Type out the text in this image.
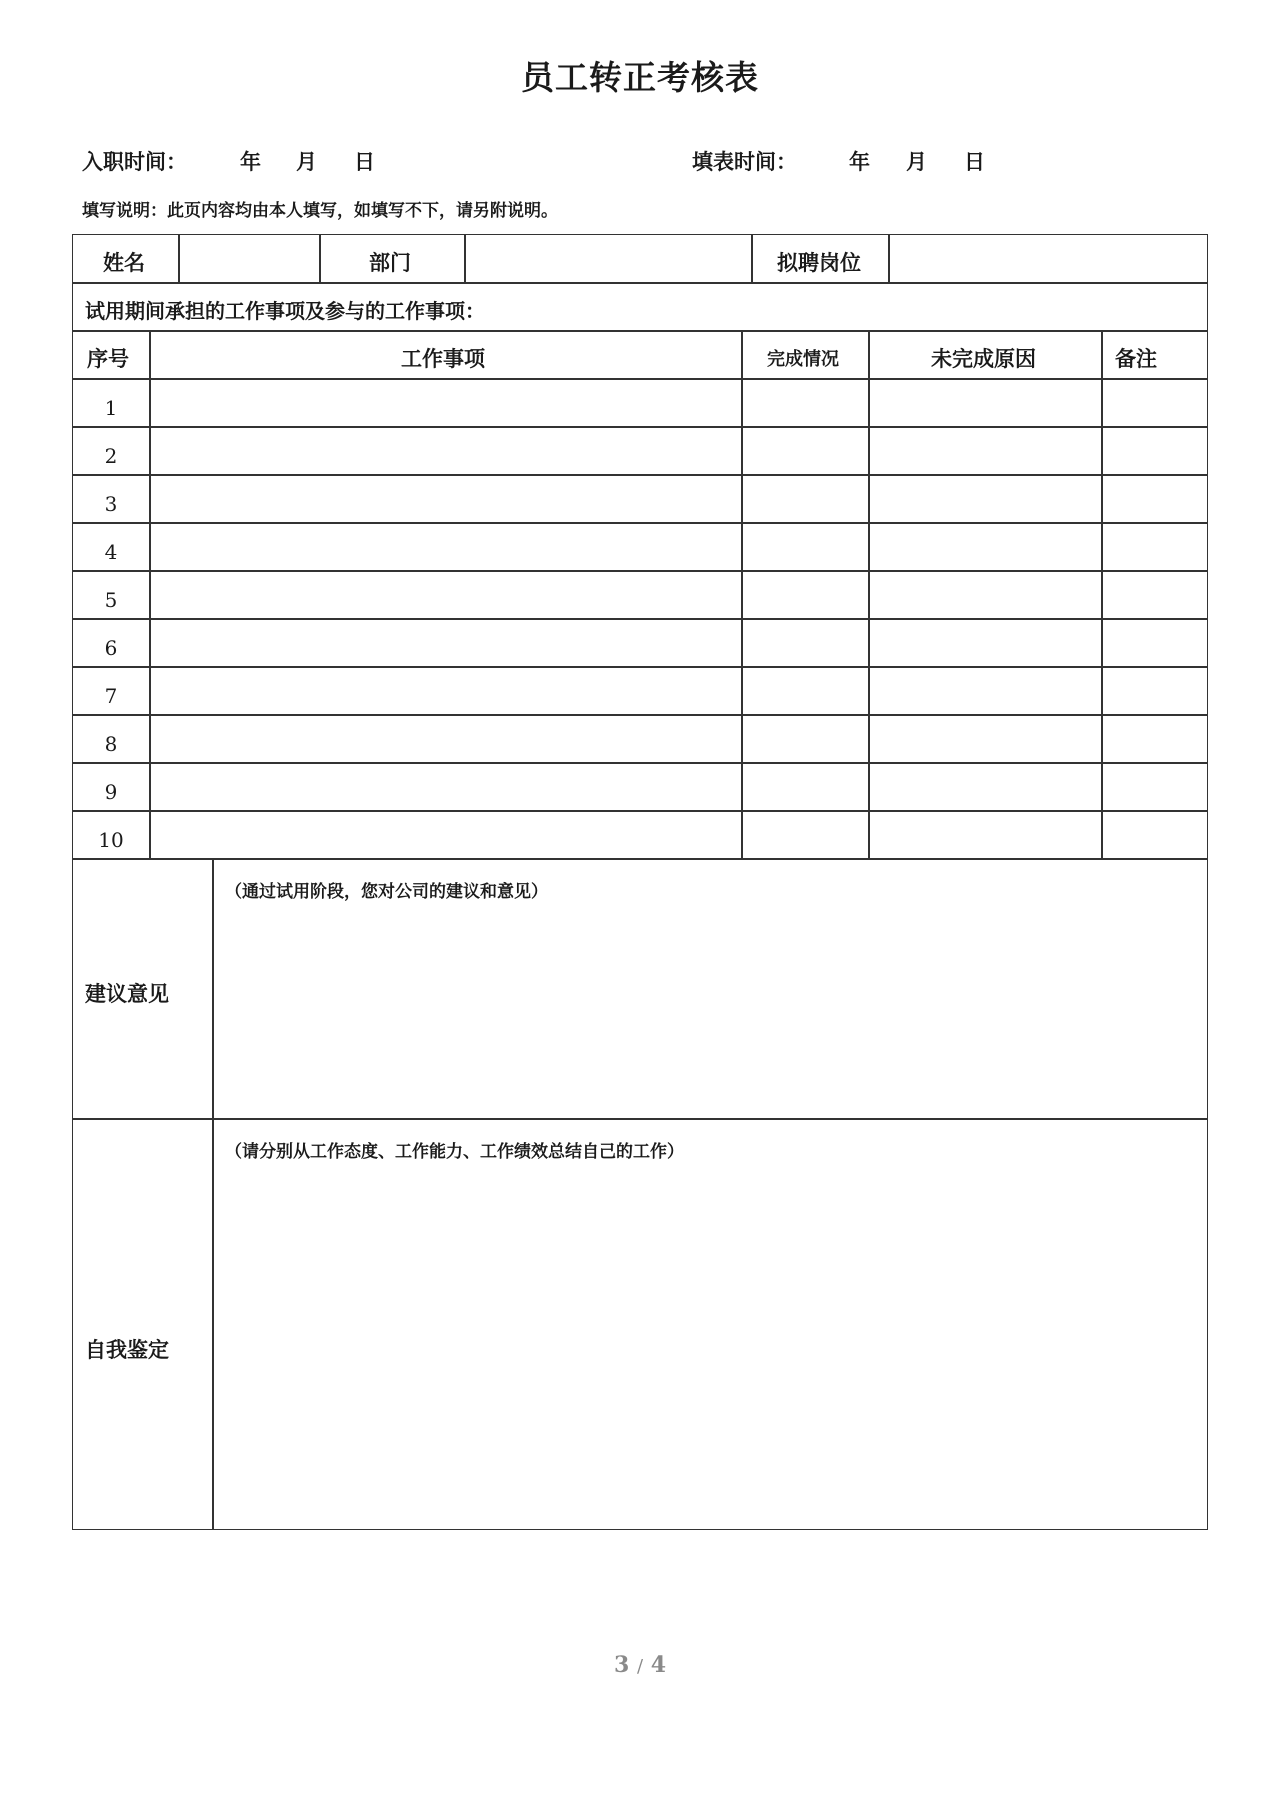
员工转正考核表
入职时间：	年 月 日	填表时间： 年 月 日
填写说明：此页内容均由本人填写，如填写不下，请另附说明。
姓名	部门	拟聘岗位
试用期间承担的工作事项及参与的工作事项：
序号	工作事项	完成情况	未完成原因	备注
1
2
3
4
5
6
7
8
9
10
建议意见
（通过试用阶段，您对公司的建议和意见）
自我鉴定
（请分别从工作态度、工作能力、工作绩效总结自己的工作）
3 / 4
